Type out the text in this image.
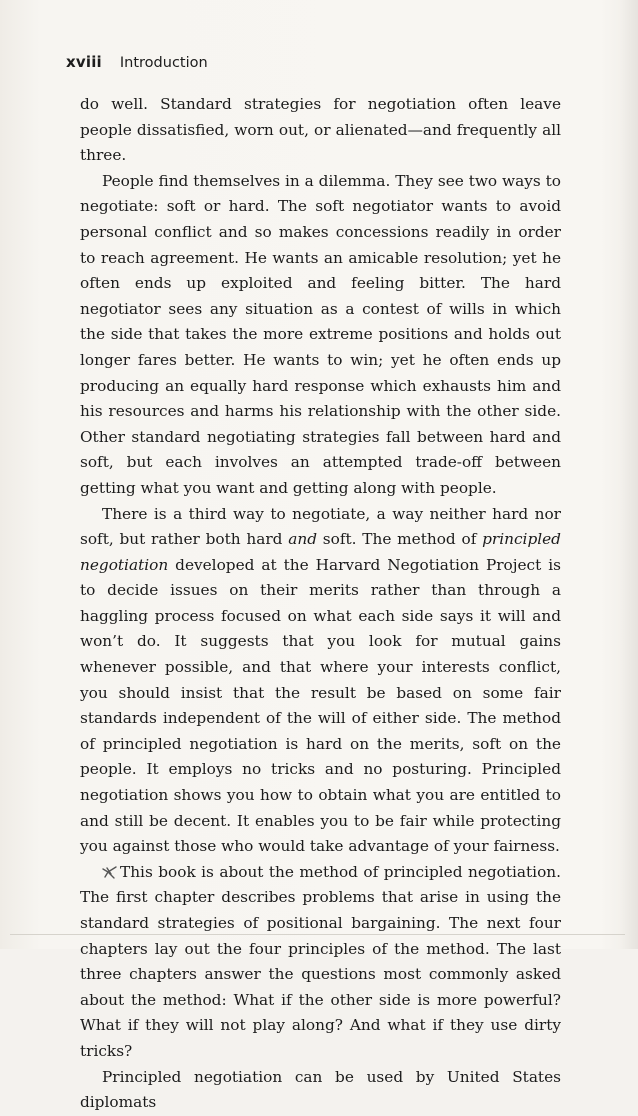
xviii Introduction

do well. Standard strategies for negotiation often leave people dissatisfied, worn out, or alienated—and frequently all three.

People find themselves in a dilemma. They see two ways to negotiate: soft or hard. The soft negotiator wants to avoid personal conflict and so makes concessions readily in order to reach agreement. He wants an amicable resolution; yet he often ends up exploited and feeling bitter. The hard negotiator sees any situation as a contest of wills in which the side that takes the more extreme positions and holds out longer fares better. He wants to win; yet he often ends up producing an equally hard response which exhausts him and his resources and harms his relationship with the other side. Other standard negotiating strategies fall between hard and soft, but each involves an attempted trade-off between getting what you want and getting along with people.

There is a third way to negotiate, a way neither hard nor soft, but rather both hard and soft. The method of principled negotiation developed at the Harvard Negotiation Project is to decide issues on their merits rather than through a haggling process focused on what each side says it will and won’t do. It suggests that you look for mutual gains whenever possible, and that where your interests conflict, you should insist that the result be based on some fair standards independent of the will of either side. The method of principled negotiation is hard on the merits, soft on the people. It employs no tricks and no posturing. Principled negotiation shows you how to obtain what you are entitled to and still be decent. It enables you to be fair while protecting you against those who would take advantage of your fairness.

This book is about the method of principled negotiation. The first chapter describes problems that arise in using the standard strategies of positional bargaining. The next four chapters lay out the four principles of the method. The last three chapters answer the questions most commonly asked about the method: What if the other side is more powerful? What if they will not play along? And what if they use dirty tricks?

Principled negotiation can be used by United States diplomats
